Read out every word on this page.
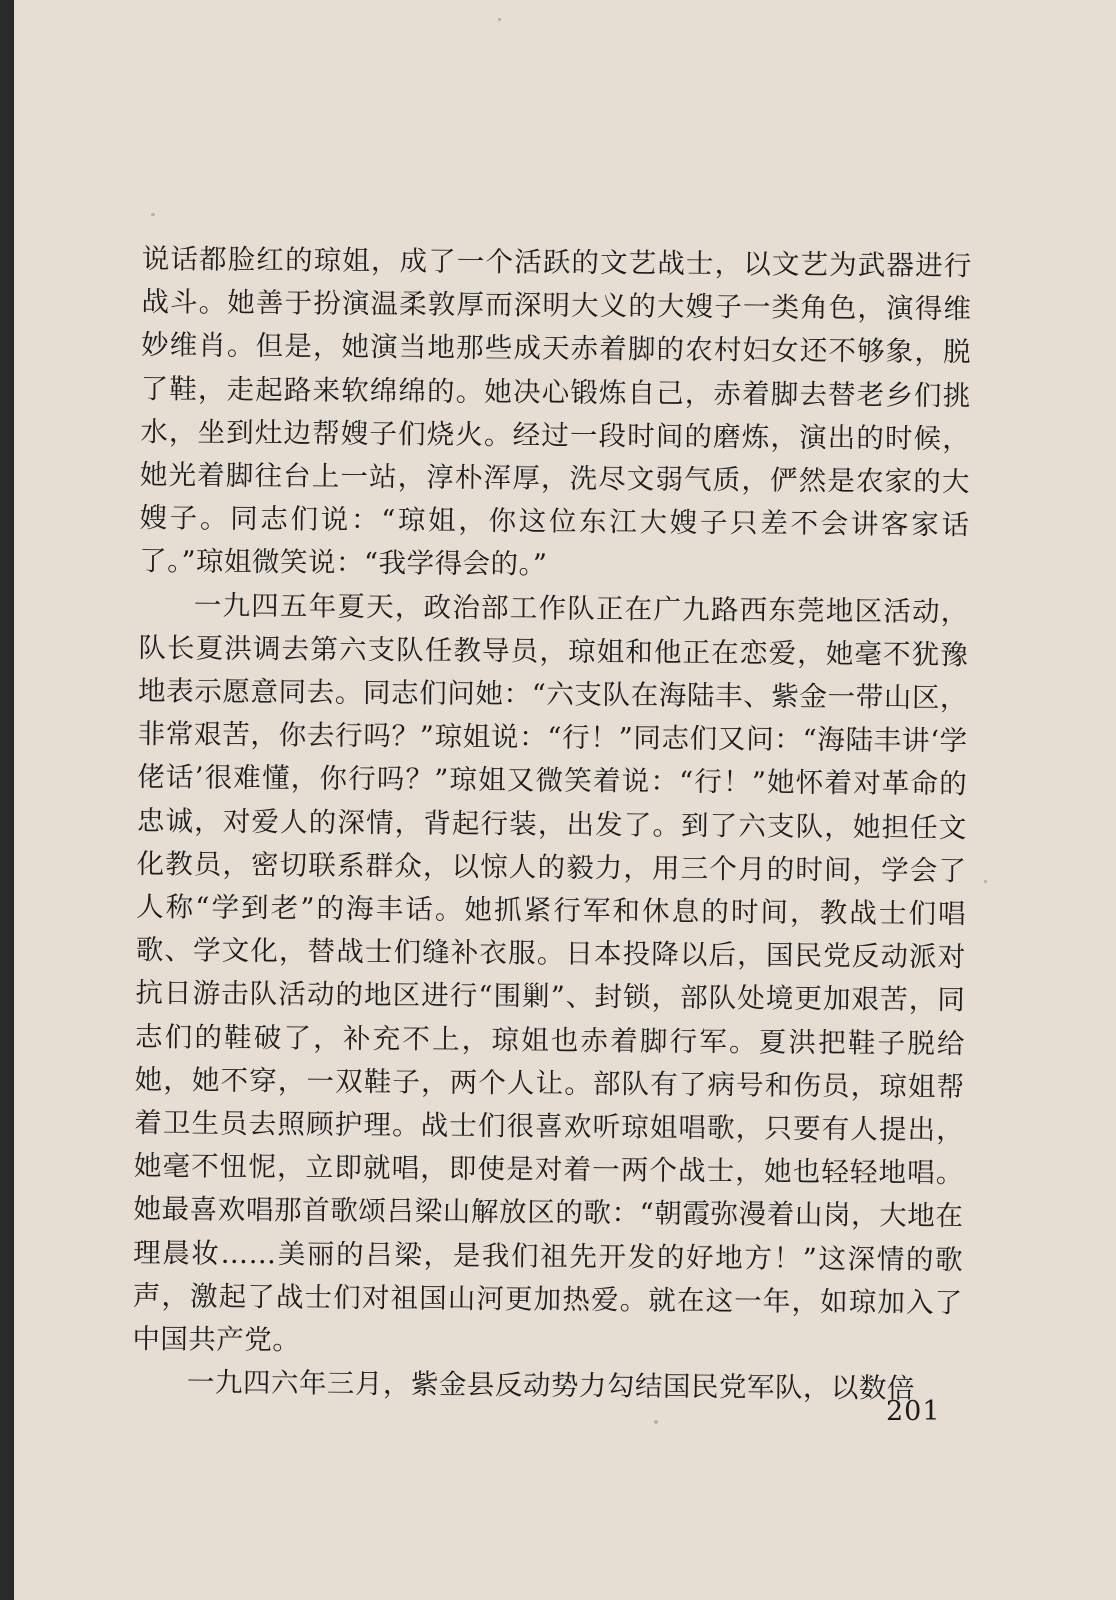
说话都脸红的琼姐，成了一个活跃的文艺战士，以文艺为武器进行战斗。她善于扮演温柔敦厚而深明大义的大嫂子一类角色，演得维妙维肖。但是，她演当地那些成天赤着脚的农村妇女还不够象，脱了鞋，走起路来软绵绵的。她决心锻炼自己，赤着脚去替老乡们挑水，坐到灶边帮嫂子们烧火。经过一段时间的磨炼，演出的时候，她光着脚往台上一站，淳朴浑厚，洗尽文弱气质，俨然是农家的大嫂子。同志们说：“琼姐，你这位东江大嫂子只差不会讲客家话了。”琼姐微笑说：“我学得会的。”

一九四五年夏天，政治部工作队正在广九路西东莞地区活动，队长夏洪调去第六支队任教导员，琼姐和他正在恋爱，她毫不犹豫地表示愿意同去。同志们问她：“六支队在海陆丰、紫金一带山区，非常艰苦，你去行吗？”琼姐说：“行！”同志们又问：“海陆丰讲‘学佬话’很难懂，你行吗？”琼姐又微笑着说：“行！”她怀着对革命的忠诚，对爱人的深情，背起行装，出发了。到了六支队，她担任文化教员，密切联系群众，以惊人的毅力，用三个月的时间，学会了人称“学到老”的海丰话。她抓紧行军和休息的时间，教战士们唱歌、学文化，替战士们缝补衣服。日本投降以后，国民党反动派对抗日游击队活动的地区进行“围剿”、封锁，部队处境更加艰苦，同志们的鞋破了，补充不上，琼姐也赤着脚行军。夏洪把鞋子脱给她，她不穿，一双鞋子，两个人让。部队有了病号和伤员，琼姐帮着卫生员去照顾护理。战士们很喜欢听琼姐唱歌，只要有人提出，她毫不忸怩，立即就唱，即使是对着一两个战士，她也轻轻地唱。她最喜欢唱那首歌颂吕梁山解放区的歌：“朝霞弥漫着山岗，大地在理晨妆……美丽的吕梁，是我们祖先开发的好地方！”这深情的歌声，激起了战士们对祖国山河更加热爱。就在这一年，如琼加入了中国共产党。

一九四六年三月，紫金县反动势力勾结国民党军队，以数倍

201
